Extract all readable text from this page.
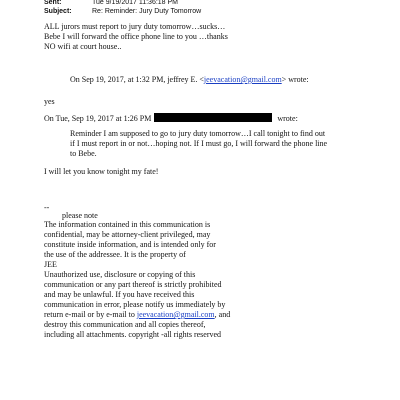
Sent:	Tue 9/19/2017 11:36:18 PM
Subject:	Re: Reminder: Jury Duty Tomorrow
ALL jurors must report to jury duty tomorrow…sucks…
Bebe I will forward the office phone line to you …thanks
NO wifi at court house..
On Sep 19, 2017, at 1:32 PM, jeffrey E. <jeevacation@gmail.com> wrote:
yes
On Tue, Sep 19, 2017 at 1:26 PM	wrote:
Reminder I am supposed to go to jury duty tomorrow…I call tonight to find out
if I must report in or not…hoping not. If I must go, I will forward the phone line
to Bebe.
I will let you know tonight my fate!
--
please note
The information contained in this communication is
confidential, may be attorney-client privileged, may
constitute inside information, and is intended only for
the use of the addressee. It is the property of
JEE
Unauthorized use, disclosure or copying of this
communication or any part thereof is strictly prohibited
and may be unlawful. If you have received this
communication in error, please notify us immediately by
return e-mail or by e-mail to jeevacation@gmail.com, and
destroy this communication and all copies thereof,
including all attachments. copyright -all rights reserved
